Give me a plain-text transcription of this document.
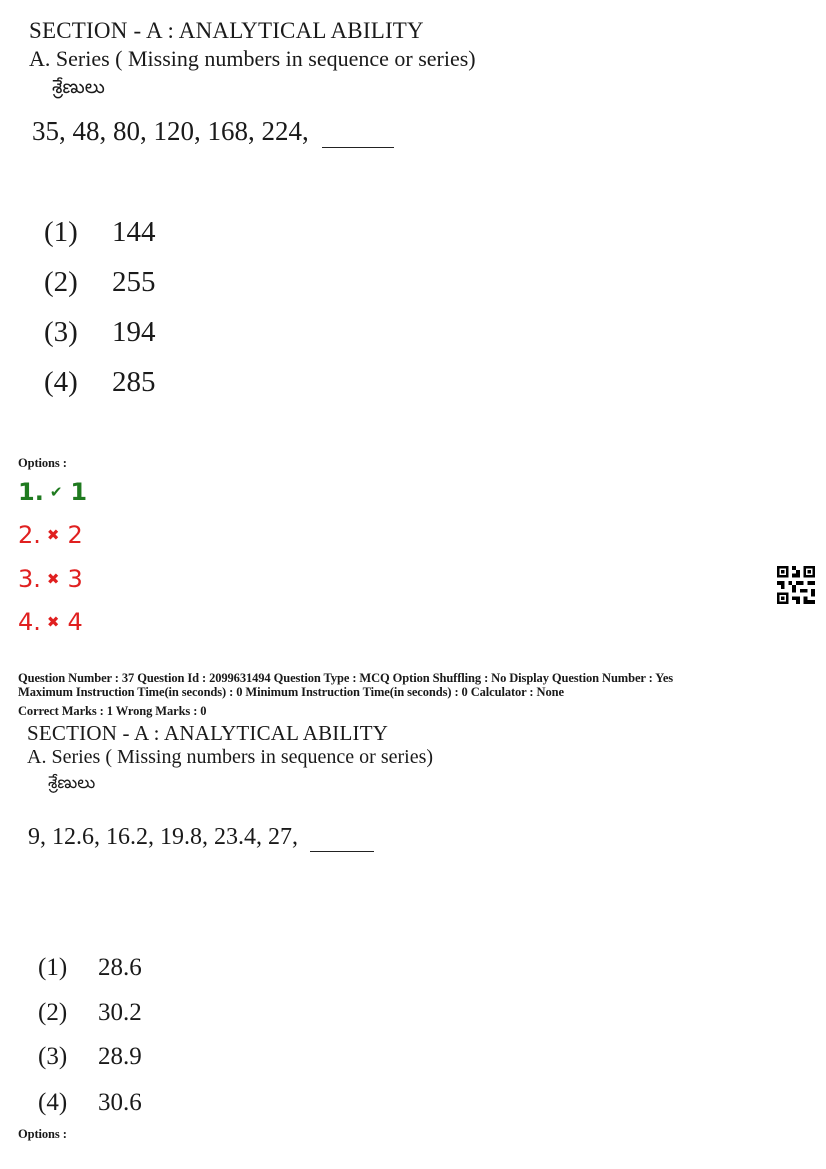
SECTION - A : ANALYTICAL ABILITY
A. Series ( Missing numbers in sequence or series)
శ్రేణులు
35, 48, 80, 120, 168, 224,
(1) 144
(2) 255
(3) 194
(4) 285
Options :
1. ✔ 1
2. ✖ 2
3. ✖ 3
4. ✖ 4
Question Number : 37 Question Id : 2099631494 Question Type : MCQ Option Shuffling : No Display Question Number : Yes
Maximum Instruction Time(in seconds) : 0 Minimum Instruction Time(in seconds) : 0 Calculator : None
Correct Marks : 1 Wrong Marks : 0
SECTION - A : ANALYTICAL ABILITY
A. Series ( Missing numbers in sequence or series)
శ్రేణులు
9, 12.6, 16.2, 19.8, 23.4, 27,
(1) 28.6
(2) 30.2
(3) 28.9
(4) 30.6
Options :
